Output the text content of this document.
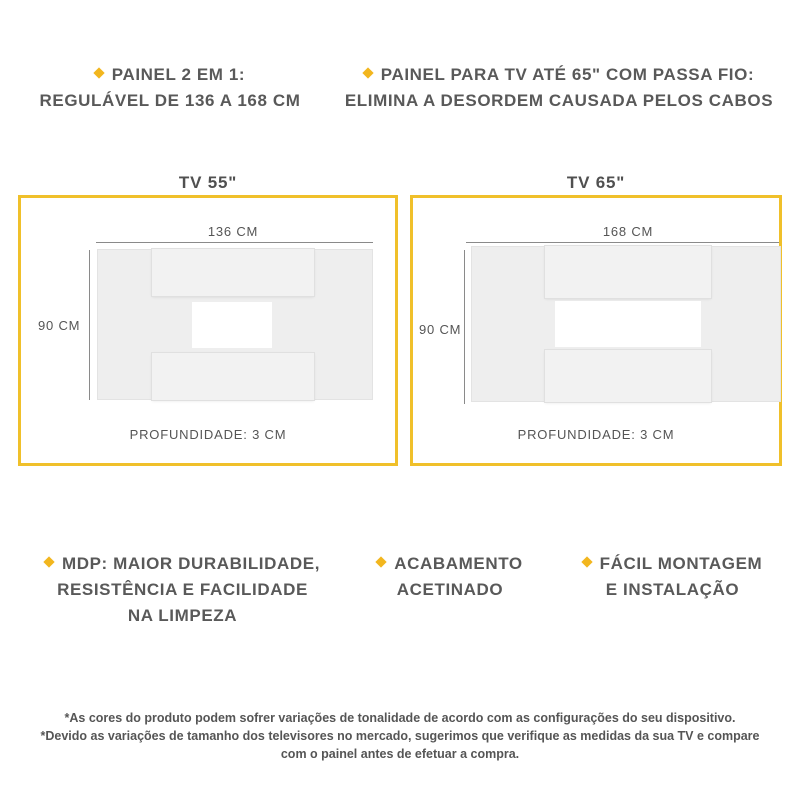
PAINEL 2 EM 1:
REGULÁVEL DE 136 A 168 CM
PAINEL PARA TV ATÉ 65" COM PASSA FIO:
ELIMINA A DESORDEM CAUSADA PELOS CABOS
TV 55"
136 CM
90 CM
PROFUNDIDADE: 3 CM
TV 65"
168 CM
90 CM
PROFUNDIDADE: 3 CM
MDP: MAIOR DURABILIDADE,
RESISTÊNCIA E FACILIDADE
NA LIMPEZA
ACABAMENTO
ACETINADO
FÁCIL MONTAGEM
E INSTALAÇÃO
*As cores do produto podem sofrer variações de tonalidade de acordo com as configurações do seu dispositivo.
*Devido as variações de tamanho dos televisores no mercado, sugerimos que verifique as medidas da sua TV e compare
com o painel antes de efetuar a compra.
